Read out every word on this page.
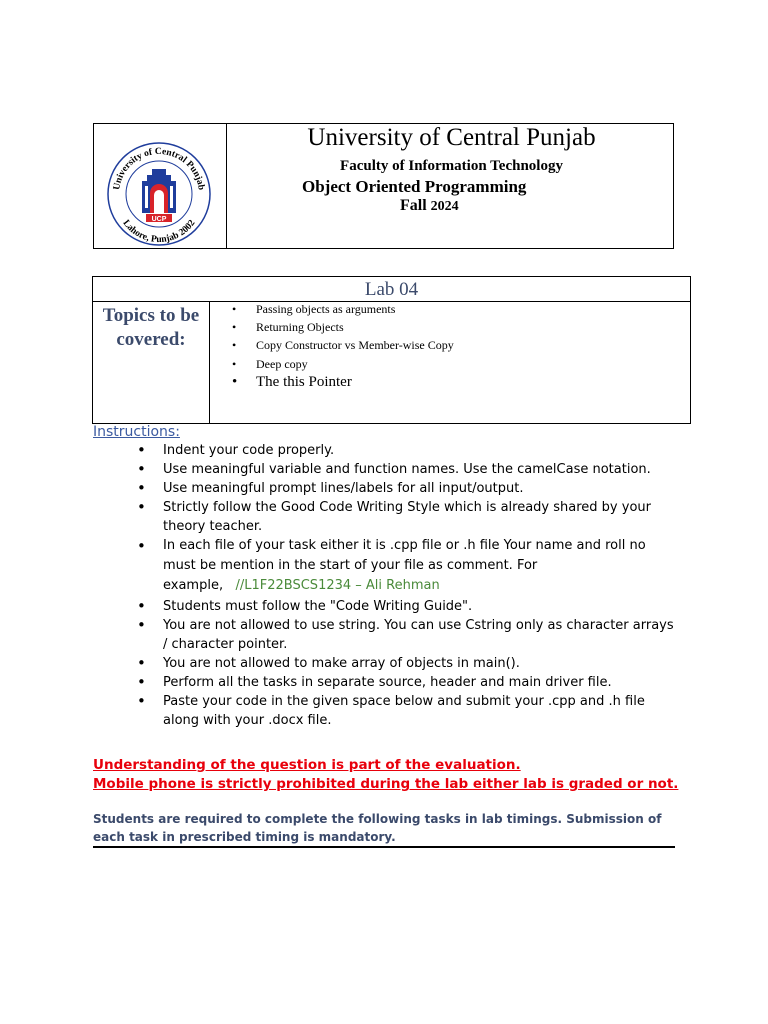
University of Central Punjab
Lahore, Punjab 2002
UCP
University of Central Punjab
Faculty of Information Technology
Object Oriented Programming
Fall 2024
Lab 04
Topics to be covered:
• Passing objects as arguments
• Returning Objects
• Copy Constructor vs Member-wise Copy
• Deep copy
• The this Pointer
Instructions:
• Indent your code properly.
• Use meaningful variable and function names. Use the camelCase notation.
• Use meaningful prompt lines/labels for all input/output.
• Strictly follow the Good Code Writing Style which is already shared by your theory teacher.
• In each file of your task either it is .cpp file or .h file Your name and roll no must be mention in the start of your file as comment. For example, //L1F22BSCS1234 – Ali Rehman
• Students must follow the "Code Writing Guide".
• You are not allowed to use string. You can use Cstring only as character arrays / character pointer.
• You are not allowed to make array of objects in main().
• Perform all the tasks in separate source, header and main driver file.
• Paste your code in the given space below and submit your .cpp and .h file along with your .docx file.
Understanding of the question is part of the evaluation.
Mobile phone is strictly prohibited during the lab either lab is graded or not.
Students are required to complete the following tasks in lab timings. Submission of each task in prescribed timing is mandatory.
